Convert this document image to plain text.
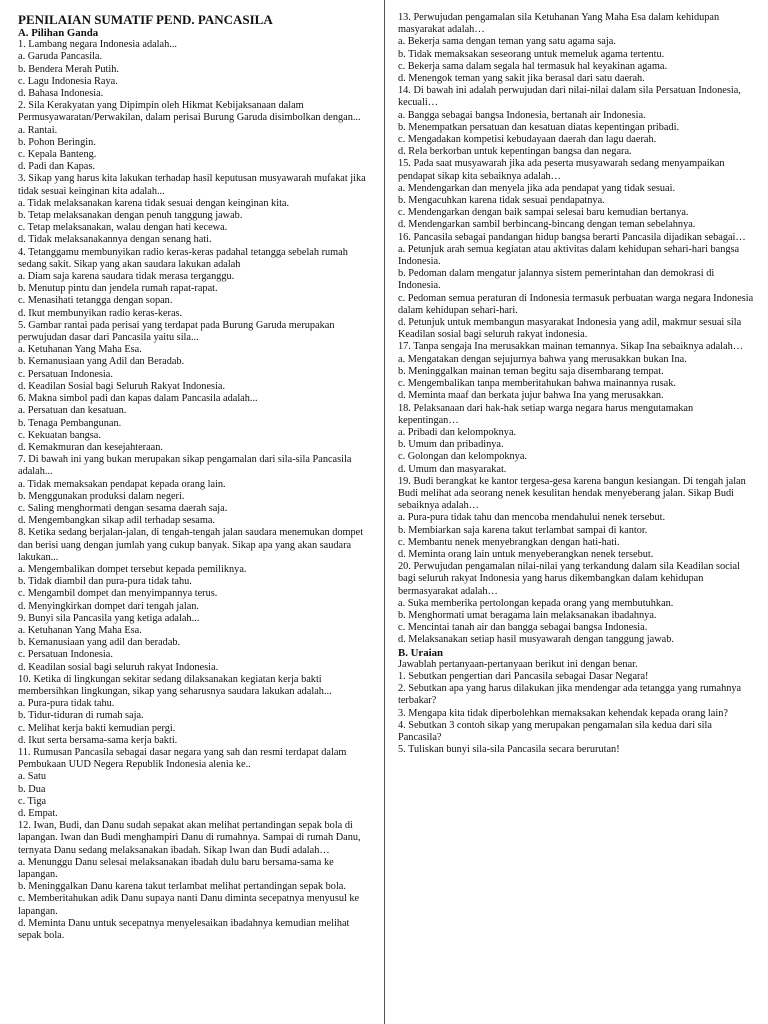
PENILAIAN SUMATIF PEND. PANCASILA
A. Pilihan Ganda
1. Lambang negara Indonesia adalah...
a. Garuda Pancasila.
b. Bendera Merah Putih.
c. Lagu Indonesia Raya.
d. Bahasa Indonesia.
2. Sila Kerakyatan yang Dipimpin oleh Hikmat Kebijaksanaan dalam Permusyawaratan/Perwakilan, dalam perisai Burung Garuda disimbolkan dengan...
a. Rantai.
b. Pohon Beringin.
c. Kepala Banteng.
d. Padi dan Kapas.
3. Sikap yang harus kita lakukan terhadap hasil keputusan musyawarah mufakat jika tidak sesuai keinginan kita adalah...
a. Tidak melaksanakan karena tidak sesuai dengan keinginan kita.
b. Tetap melaksanakan dengan penuh tanggung jawab.
c. Tetap melaksanakan, walau dengan hati kecewa.
d. Tidak melaksanakannya dengan senang hati.
4. Tetanggamu membunyikan radio keras-keras padahal tetangga sebelah rumah sedang sakit. Sikap yang akan saudara lakukan adalah
a. Diam saja karena saudara tidak merasa terganggu.
b. Menutup pintu dan jendela rumah rapat-rapat.
c. Menasihati tetangga dengan sopan.
d. Ikut membunyikan radio keras-keras.
5. Gambar rantai pada perisai yang terdapat pada Burung Garuda merupakan perwujudan dasar dari Pancasila yaitu sila...
a. Ketuhanan Yang Maha Esa.
b. Kemanusiaan yang Adil dan Beradab.
c. Persatuan Indonesia.
d. Keadilan Sosial bagi Seluruh Rakyat Indonesia.
6. Makna simbol padi dan kapas dalam Pancasila adalah...
a. Persatuan dan kesatuan.
b. Tenaga Pembangunan.
c. Kekuatan bangsa.
d. Kemakmuran dan kesejahteraan.
7. Di bawah ini yang bukan merupakan sikap pengamalan dari sila-sila Pancasila adalah...
a. Tidak memaksakan pendapat kepada orang lain.
b. Menggunakan produksi dalam negeri.
c. Saling menghormati dengan sesama daerah saja.
d. Mengembangkan sikap adil terhadap sesama.
8. Ketika sedang berjalan-jalan, di tengah-tengah jalan saudara menemukan dompet dan berisi uang dengan jumlah yang cukup banyak. Sikap apa yang akan saudara lakukan...
a. Mengembalikan dompet tersebut kepada pemiliknya.
b. Tidak diambil dan pura-pura tidak tahu.
c. Mengambil dompet dan menyimpannya terus.
d. Menyingkirkan dompet dari tengah jalan.
9. Bunyi sila Pancasila yang ketiga adalah...
a. Ketuhanan Yang Maha Esa.
b. Kemanusiaan yang adil dan beradab.
c. Persatuan Indonesia.
d. Keadilan sosial bagi seluruh rakyat Indonesia.
10. Ketika di lingkungan sekitar sedang dilaksanakan kegiatan kerja bakti membersihkan lingkungan, sikap yang seharusnya saudara lakukan adalah...
a. Pura-pura tidak tahu.
b. Tidur-tiduran di rumah saja.
c. Melihat kerja bakti kemudian pergi.
d. Ikut serta bersama-sama kerja bakti.
11. Rumusan Pancasila sebagai dasar negara yang sah dan resmi terdapat dalam Pembukaan UUD Negera Republik Indonesia alenia ke..
a. Satu
b. Dua
c. Tiga
d. Empat.
12. Iwan, Budi, dan Danu sudah sepakat akan melihat pertandingan sepak bola di lapangan. Iwan dan Budi menghampiri Danu di rumahnya. Sampai di rumah Danu, ternyata Danu sedang melaksanakan ibadah. Sikap Iwan dan Budi adalah…
a. Menunggu Danu selesai melaksanakan ibadah dulu baru bersama-sama ke lapangan.
b. Meninggalkan Danu karena takut terlambat melihat pertandingan sepak bola.
c. Memberitahukan adik Danu supaya nanti Danu diminta secepatnya menyusul ke lapangan.
d. Meminta Danu untuk secepatnya menyelesaikan ibadahnya kemudian melihat sepak bola.
13. Perwujudan pengamalan sila Ketuhanan Yang Maha Esa dalam kehidupan masyarakat adalah…
a. Bekerja sama dengan teman yang satu agama saja.
b. Tidak memaksakan seseorang untuk memeluk agama tertentu.
c. Bekerja sama dalam segala hal termasuk hal keyakinan agama.
d. Menengok teman yang sakit jika berasal dari satu daerah.
14. Di bawah ini adalah perwujudan dari nilai-nilai dalam sila Persatuan Indonesia, kecuali…
a. Bangga sebagai bangsa Indonesia, bertanah air Indonesia.
b. Menempatkan persatuan dan kesatuan diatas kepentingan pribadi.
c. Mengadakan kompetisi kebudayaan daerah dan lagu daerah.
d. Rela berkorban untuk kepentingan bangsa dan negara.
15. Pada saat musyawarah jika ada peserta musyawarah sedang menyampaikan pendapat sikap kita sebaiknya adalah…
a. Mendengarkan dan menyela jika ada pendapat yang tidak sesuai.
b. Mengacuhkan karena tidak sesuai pendapatnya.
c. Mendengarkan dengan baik sampai selesai baru kemudian bertanya.
d. Mendengarkan sambil berbincang-bincang dengan teman sebelahnya.
16. Pancasila sebagai pandangan hidup bangsa berarti Pancasila dijadikan sebagai…
a. Petunjuk arah semua kegiatan atau aktivitas dalam kehidupan sehari-hari bangsa Indonesia.
b. Pedoman dalam mengatur jalannya sistem pemerintahan dan demokrasi di Indonesia.
c. Pedoman semua peraturan di Indonesia termasuk perbuatan warga negara Indonesia dalam kehidupan sehari-hari.
d. Petunjuk untuk membangun masyarakat Indonesia yang adil, makmur sesuai sila Keadilan sosial bagi seluruh rakyat indonesia.
17. Tanpa sengaja Ina merusakkan mainan temannya. Sikap Ina sebaiknya adalah…
a. Mengatakan dengan sejujurnya bahwa yang merusakkan bukan Ina.
b. Meninggalkan mainan teman begitu saja disembarang tempat.
c. Mengembalikan tanpa memberitahukan bahwa mainannya rusak.
d. Meminta maaf dan berkata jujur bahwa Ina yang merusakkan.
18. Pelaksanaan dari hak-hak setiap warga negara harus mengutamakan kepentingan…
a. Pribadi dan kelompoknya.
b. Umum dan pribadinya.
c. Golongan dan kelompoknya.
d. Umum dan masyarakat.
19. Budi berangkat ke kantor tergesa-gesa karena bangun kesiangan. Di tengah jalan Budi melihat ada seorang nenek kesulitan hendak menyeberang jalan. Sikap Budi sebaiknya adalah…
a. Pura-pura tidak tahu dan mencoba mendahului nenek tersebut.
b. Membiarkan saja karena takut terlambat sampai di kantor.
c. Membantu nenek menyebrangkan dengan hati-hati.
d. Meminta orang lain untuk menyeberangkan nenek tersebut.
20. Perwujudan pengamalan nilai-nilai yang terkandung dalam sila Keadilan social bagi seluruh rakyat Indonesia yang harus dikembangkan dalam kehidupan bermasyarakat adalah…
a. Suka memberika pertolongan kepada orang yang membutuhkan.
b. Menghormati umat beragama lain melaksanakan ibadahnya.
c. Mencintai tanah air dan bangga sebagai bangsa Indonesia.
d. Melaksanakan setiap hasil musyawarah dengan tanggung jawab.
B. Uraian
Jawablah pertanyaan-pertanyaan berikut ini dengan benar.
1. Sebutkan pengertian dari Pancasila sebagai Dasar Negara!
2. Sebutkan apa yang harus dilakukan jika mendengar ada tetangga yang rumahnya terbakar?
3. Mengapa kita tidak diperbolehkan memaksakan kehendak kepada orang lain?
4. Sebutkan 3 contoh sikap yang merupakan pengamalan sila kedua dari sila Pancasila?
5. Tuliskan bunyi sila-sila Pancasila secara berurutan!
